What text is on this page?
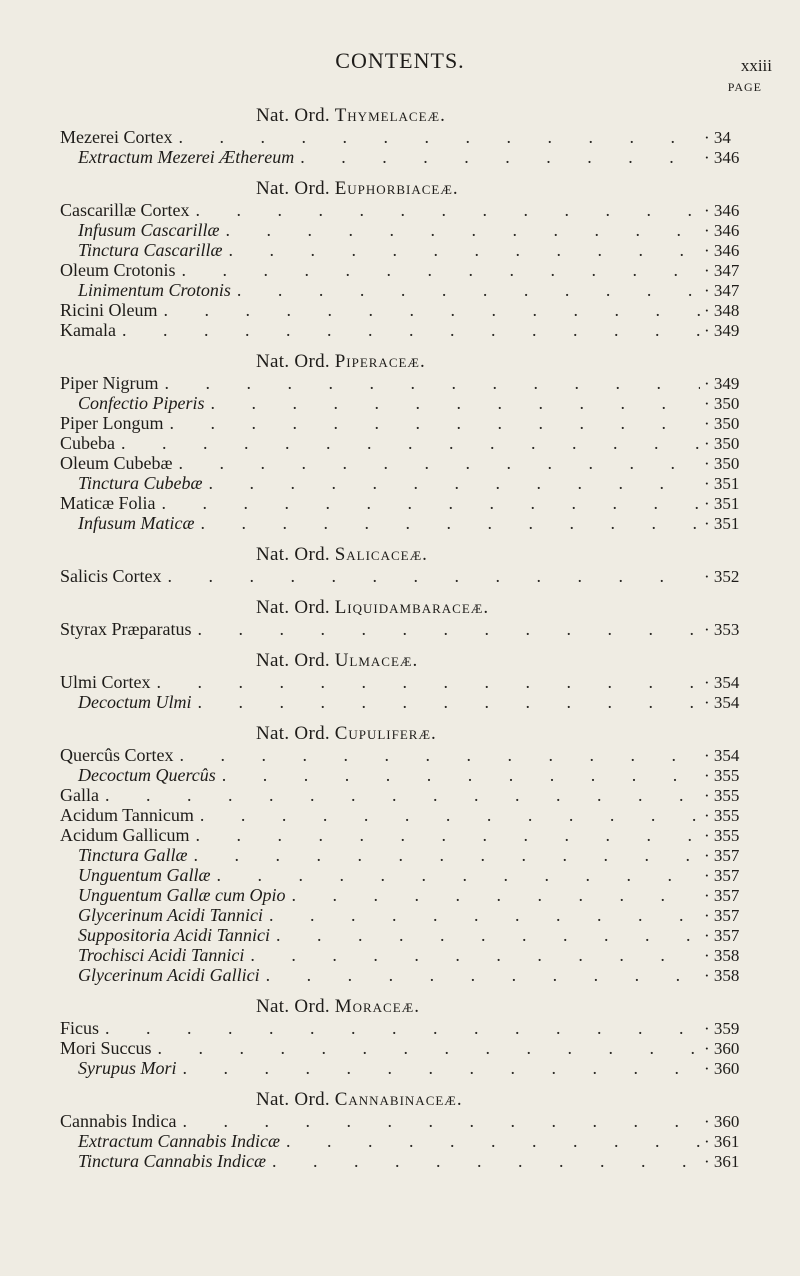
CONTENTS.	xxiii
PAGE
Nat. Ord. Thymelaceæ.
Mezerei Cortex . . .	· 34
Extractum Mezerei Ætherеum . . .	· 346
Nat. Ord. Euphorbiaceæ.
Cascarillæ Cortex . . .	· 346
Infusum Cascarillæ . . .	· 346
Tinctura Cascarillæ . . .	· 346
Oleum Crotonis . . .	· 347
Linimentum Crotonis . . .	· 347
Ricini Oleum . . .	· 348
Kamala . . .	· 349
Nat. Ord. Piperaceæ.
Piper Nigrum . . .	· 349
Confectio Piperis . . .	· 350
Piper Longum . . .	· 350
Cubeba . . .	· 350
Oleum Cubebæ . . .	· 350
Tinctura Cubebæ . . .	· 351
Maticæ Folia . . .	· 351
Infusum Maticæ . . .	· 351
Nat. Ord. Salicaceæ.
Salicis Cortex . . .	· 352
Nat. Ord. Liquidambaraceæ.
Styrax Præparatus . . .	· 353
Nat. Ord. Ulmaceæ.
Ulmi Cortex . . .	· 354
Decoctum Ulmi . . .	· 354
Nat. Ord. Cupuliferæ.
Quercûs Cortex . . .	· 354
Decoctum Quercûs . . .	· 355
Galla . . .	· 355
Acidum Tannicum . . .	· 355
Acidum Gallicum . . .	· 355
Tinctura Gallæ . . .	· 357
Unguentum Gallæ . . .	· 357
Unguentum Gallæ cum Opio . . .	· 357
Glycerinum Acidi Tannici . . .	· 357
Suppositoria Acidi Tannici . . .	· 357
Trochisci Acidi Tannici . . .	· 358
Glycerinum Acidi Gallici . . .	· 358
Nat. Ord. Moraceæ.
Ficus . . .	· 359
Mori Succus . . .	· 360
Syrupus Mori . . .	· 360
Nat. Ord. Cannabinaceæ.
Cannabis Indica . . .	· 360
Extractum Cannabis Indicæ . . .	· 361
Tinctura Cannabis Indicæ . . .	· 361
